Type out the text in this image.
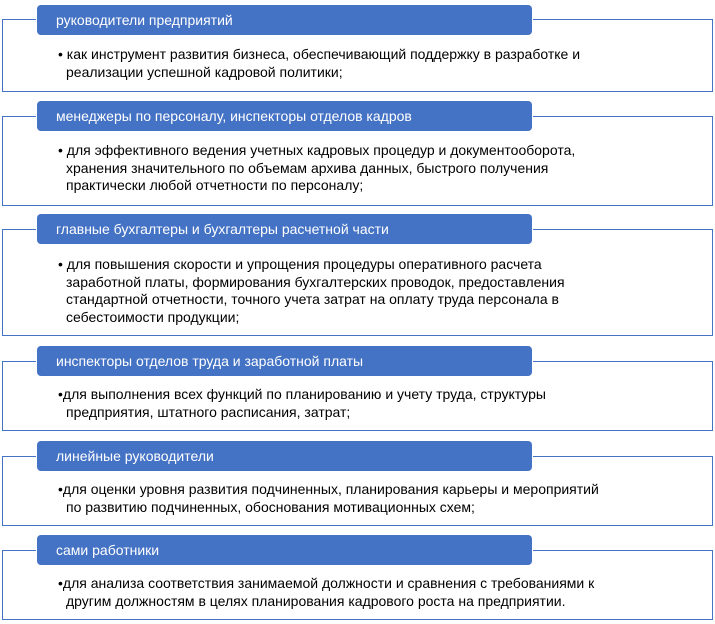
руководители предприятий
• как инструмент развития бизнеса, обеспечивающий поддержку в разработке и
реализации успешной кадровой политики;
менеджеры по персоналу, инспекторы отделов кадров
• для эффективного ведения учетных кадровых процедур и документооборота,
хранения значительного по объемам архива данных, быстрого получения
практически любой отчетности по персоналу;
главные бухгалтеры и бухгалтеры расчетной части
• для повышения скорости и упрощения процедуры оперативного расчета
заработной платы, формирования бухгалтерских проводок, предоставления
стандартной отчетности, точного учета затрат на оплату труда персонала в
себестоимости продукции;
инспекторы отделов труда и заработной платы
•для выполнения всех функций по планированию и учету труда, структуры
предприятия, штатного расписания, затрат;
линейные руководители
•для оценки уровня развития подчиненных, планирования карьеры и мероприятий
по развитию подчиненных, обоснования мотивационных схем;
сами работники
•для анализа соответствия занимаемой должности и сравнения с требованиями к
другим должностям в целях планирования кадрового роста на предприятии.
